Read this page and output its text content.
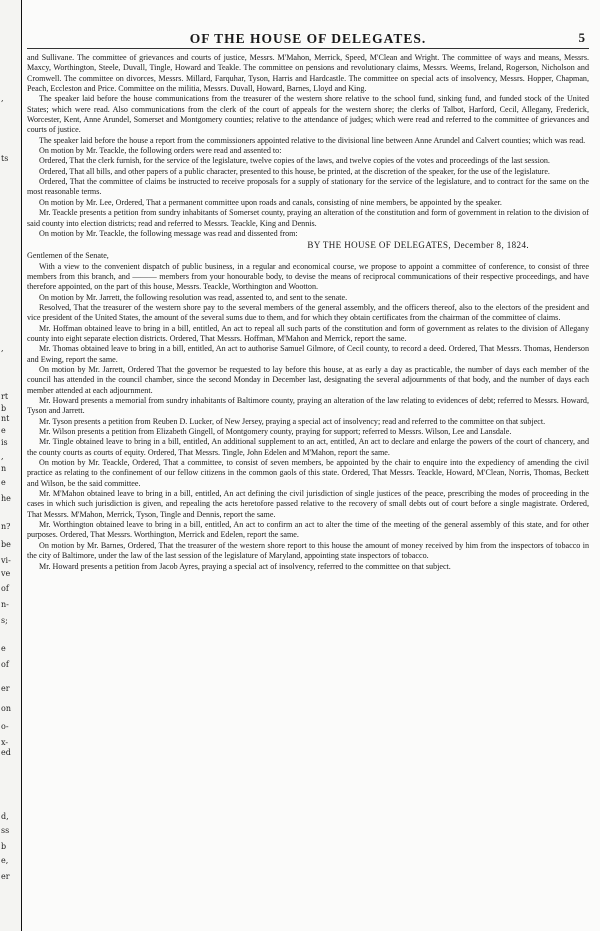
,
ts
,
rt
b
nt
e
is
,
n
e
he
n?
be
vi-
ve
of
n-
s;
e
of
er
on
o-
x-
ed
d,
ss
b
e,
er
OF THE HOUSE OF DELEGATES.	5

and Sullivane. The committee of grievances and courts of justice, Messrs. M'Mahon, Merrick, Speed, M'Clean and Wright. The committee of ways and means, Messrs. Maxcy, Worthington, Steele, Duvall, Tingle, Howard and Teakle. The committee on pensions and revolutionary claims, Messrs. Weems, Ireland, Rogerson, Nicholson and Cromwell. The committee on divorces, Messrs. Millard, Farquhar, Tyson, Harris and Hardcastle. The committee on special acts of insolvency, Messrs. Hopper, Chapman, Peach, Eccleston and Price. Committee on the militia, Messrs. Duvall, Howard, Barnes, Lloyd and King.

The speaker laid before the house communications from the treasurer of the western shore relative to the school fund, sinking fund, and funded stock of the United States; which were read. Also communications from the clerk of the court of appeals for the western shore; the clerks of Talbot, Harford, Cecil, Allegany, Frederick, Worcester, Kent, Anne Arundel, Somerset and Montgomery counties; relative to the attendance of judges; which were read and referred to the committee of grievances and courts of justice.

The speaker laid before the house a report from the commissioners appointed relative to the divisional line between Anne Arundel and Calvert counties; which was read.

On motion by Mr. Teackle, the following orders were read and assented to:

Ordered, That the clerk furnish, for the service of the legislature, twelve copies of the laws, and twelve copies of the votes and proceedings of the last session.

Ordered, That all bills, and other papers of a public character, presented to this house, be printed, at the discretion of the speaker, for the use of the legislature.

Ordered, That the committee of claims be instructed to receive proposals for a supply of stationary for the service of the legislature, and to contract for the same on the most reasonable terms.

On motion by Mr. Lee, Ordered, That a permanent committee upon roads and canals, consisting of nine members, be appointed by the speaker.

Mr. Teackle presents a petition from sundry inhabitants of Somerset county, praying an alteration of the constitution and form of government in relation to the division of said county into election districts; read and referred to Messrs. Teackle, King and Dennis.

On motion by Mr. Teackle, the following message was read and dissented from:

BY THE HOUSE OF DELEGATES, December 8, 1824.

Gentlemen of the Senate,

With a view to the convenient dispatch of public business, in a regular and economical course, we propose to appoint a committee of conference, to consist of three members from this branch, and ——— members from your honourable body, to devise the means of reciprocal communications of their respective proceedings, and have therefore appointed, on the part of this house, Messrs. Teackle, Worthington and Wootton.

On motion by Mr. Jarrett, the following resolution was read, assented to, and sent to the senate.

Resolved, That the treasurer of the western shore pay to the several members of the general assembly, and the officers thereof, also to the electors of the president and vice president of the United States, the amount of the several sums due to them, and for which they obtain certificates from the chairman of the committee of claims.

Mr. Hoffman obtained leave to bring in a bill, entitled, An act to repeal all such parts of the constitution and form of government as relates to the division of Allegany county into eight separate election districts. Ordered, That Messrs. Hoffman, M'Mahon and Merrick, report the same.

Mr. Thomas obtained leave to bring in a bill, entitled, An act to authorise Samuel Gilmore, of Cecil county, to record a deed. Ordered, That Messrs. Thomas, Henderson and Ewing, report the same.

On motion by Mr. Jarrett, Ordered That the governor be requested to lay before this house, at as early a day as practicable, the number of days each member of the council has attended in the council chamber, since the second Monday in December last, designating the several adjournments of that body, and the number of days each member attended at each adjournment.

Mr. Howard presents a memorial from sundry inhabitants of Baltimore county, praying an alteration of the law relating to evidences of debt; referred to Messrs. Howard, Tyson and Jarrett.

Mr. Tyson presents a petition from Reuben D. Lucker, of New Jersey, praying a special act of insolvency; read and referred to the committee on that subject.

Mr. Wilson presents a petition from Elizabeth Gingell, of Montgomery county, praying for support; referred to Messrs. Wilson, Lee and Lansdale.

Mr. Tingle obtained leave to bring in a bill, entitled, An additional supplement to an act, entitled, An act to declare and enlarge the powers of the court of chancery, and the county courts as courts of equity. Ordered, That Messrs. Tingle, John Edelen and M'Mahon, report the same.

On motion by Mr. Teackle, Ordered, That a committee, to consist of seven members, be appointed by the chair to enquire into the expediency of amending the civil practice as relating to the confinement of our fellow citizens in the common gaols of this state. Ordered, That Messrs. Teackle, Howard, M'Clean, Norris, Thomas, Beckett and Wilson, be the said committee.

Mr. M'Mahon obtained leave to bring in a bill, entitled, An act defining the civil jurisdiction of single justices of the peace, prescribing the modes of proceeding in the cases in which such jurisdiction is given, and repealing the acts heretofore passed relative to the recovery of small debts out of court before a single magistrate. Ordered, That Messrs. M'Mahon, Merrick, Tyson, Tingle and Dennis, report the same.

Mr. Worthington obtained leave to bring in a bill, entitled, An act to confirm an act to alter the time of the meeting of the general assembly of this state, and for other purposes. Ordered, That Messrs. Worthington, Merrick and Edelen, report the same.

On motion by Mr. Barnes, Ordered, That the treasurer of the western shore report to this house the amount of money received by him from the inspectors of tobacco in the city of Baltimore, under the law of the last session of the legislature of Maryland, appointing state inspectors of tobacco.

Mr. Howard presents a petition from Jacob Ayres, praying a special act of insolvency, referred to the committee on that subject.
